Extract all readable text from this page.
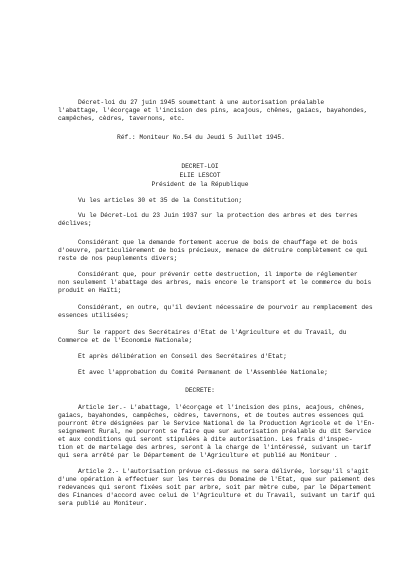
Décret-loi du 27 juin 1945 soumettant à une autorisation préalable
l'abattage, l'écorçage et l'incision des pins, acajous, chênes, gaiacs, bayahondes,
campêches, cèdres, tavernons, etc.
Réf.: Moniteur No.54 du Jeudi 5 Juillet 1945.
DECRET-LOI
ELIE LESCOT
Président de la République
Vu les articles 30 et 35 de la Constitution;
Vu le Décret-Loi du 23 Juin 1937 sur la protection des arbres et des terres
déclives;
Considérant que la demande fortement accrue de bois de chauffage et de bois
d'oeuvre, particulièrement de bois précieux, menace de détruire complètement ce qui
reste de nos peuplements divers;
Considérant que, pour prévenir cette destruction, il importe de réglementer
non seulement l'abattage des arbres, mais encore le transport et le commerce du bois
produit en Haïti;
Considérant, en outre, qu'il devient nécessaire de pourvoir au remplacement des
essences utilisées;
Sur le rapport des Secrétaires d'Etat de l'Agriculture et du Travail, du
Commerce et de l'Economie Nationale;
Et après délibération en Conseil des Secrétaires d'Etat;
Et avec l'approbation du Comité Permanent de l'Assemblée Nationale;
DECRETE:
Article 1er.- L'abattage, l'écorçage et l'incision des pins, acajous, chênes,
gaiacs, bayahondes, campêches, cèdres, tavernons, et de toutes autres essences qui
pourront être désignées par le Service National de la Production Agricole et de l'En-
seignement Rural, ne pourront se faire que sur autorisation préalable du dit Service
et aux conditions qui seront stipulées à dite autorisation. Les frais d'inspec-
tion et de martelage des arbres, seront à la charge de l'intéressé, suivant un tarif
qui sera arrêté par le Département de l'Agriculture et publié au Moniteur .
Article 2.- L'autorisation prévue ci-dessus ne sera délivrée, lorsqu'il s'agit
d'une opération à effectuer sur les terres du Domaine de l'Etat, que sur paiement des
redevances qui seront fixées soit par arbre, soit par mètre cube, par le Département
des Finances d'accord avec celui de l'Agriculture et du Travail, suivant un tarif qui
sera publié au Moniteur.
